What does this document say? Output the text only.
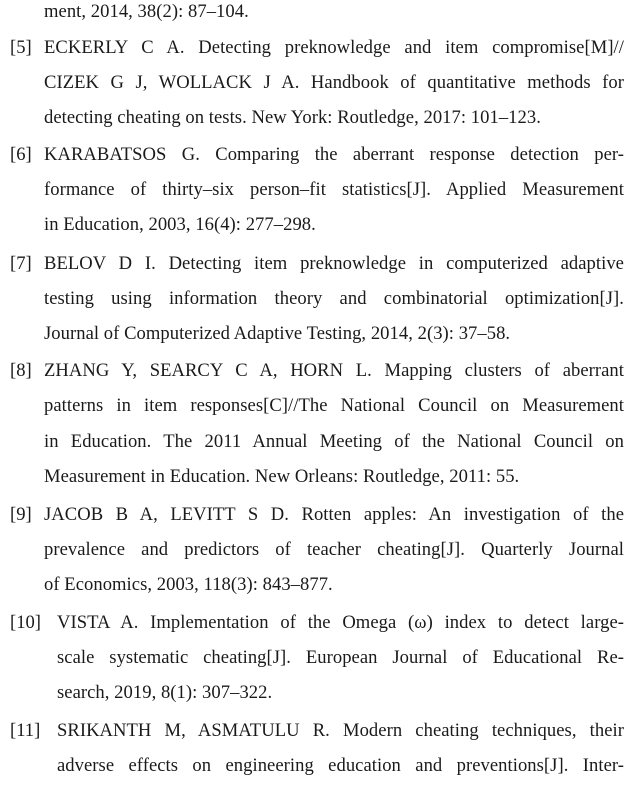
ment, 2014, 38(2): 87–104.
[5] ECKERLY C A. Detecting preknowledge and item compromise[M]//
CIZEK G J, WOLLACK J A. Handbook of quantitative methods for
detecting cheating on tests. New York: Routledge, 2017: 101–123.
[6] KARABATSOS G. Comparing the aberrant response detection per-
formance of thirty–six person–fit statistics[J]. Applied Measurement
in Education, 2003, 16(4): 277–298.
[7] BELOV D I. Detecting item preknowledge in computerized adaptive
testing using information theory and combinatorial optimization[J].
Journal of Computerized Adaptive Testing, 2014, 2(3): 37–58.
[8] ZHANG Y, SEARCY C A, HORN L. Mapping clusters of aberrant
patterns in item responses[C]//The National Council on Measurement
in Education. The 2011 Annual Meeting of the National Council on
Measurement in Education. New Orleans: Routledge, 2011: 55.
[9] JACOB B A, LEVITT S D. Rotten apples: An investigation of the
prevalence and predictors of teacher cheating[J]. Quarterly Journal
of Economics, 2003, 118(3): 843–877.
[10] VISTA A. Implementation of the Omega (ω) index to detect large-
scale systematic cheating[J]. European Journal of Educational Re-
search, 2019, 8(1): 307–322.
[11] SRIKANTH M, ASMATULU R. Modern cheating techniques, their
adverse effects on engineering education and preventions[J]. Inter-
